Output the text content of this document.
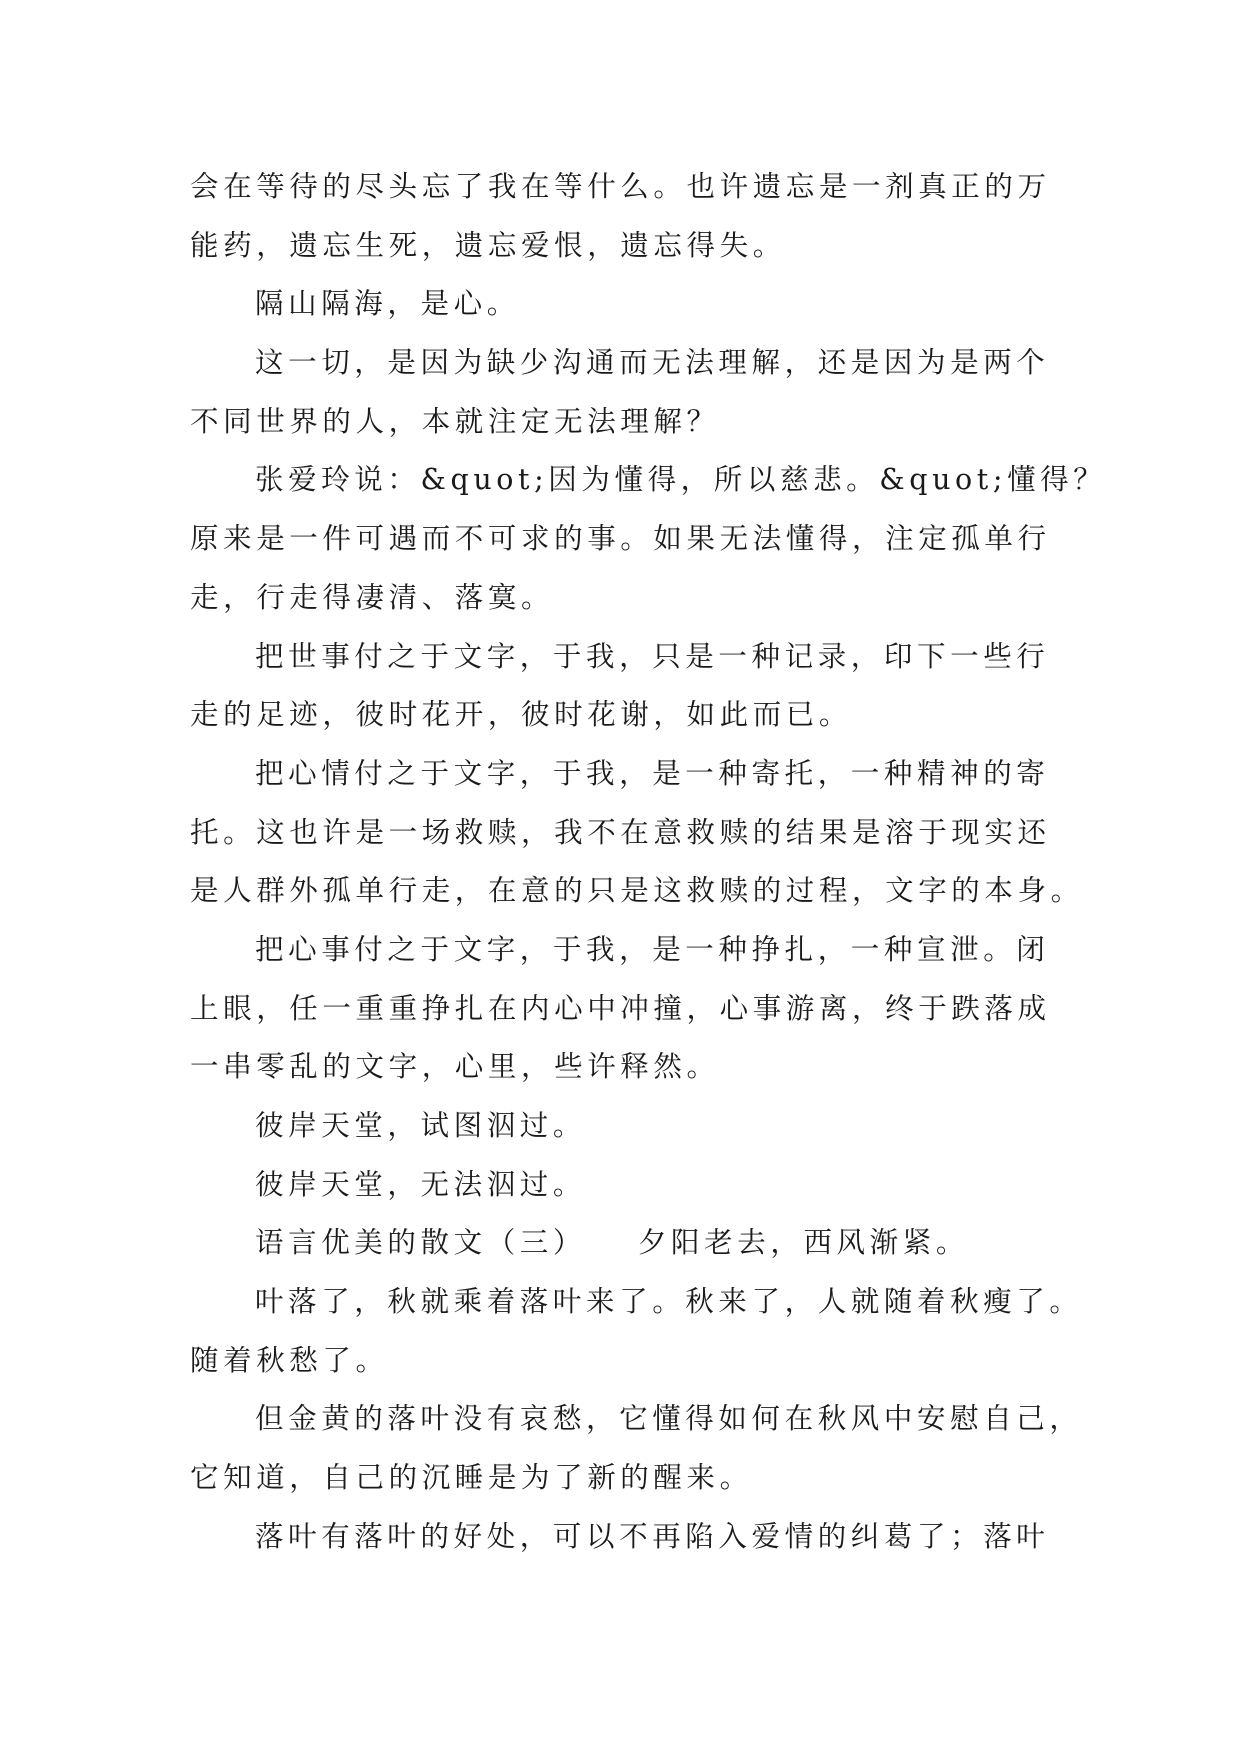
会在等待的尽头忘了我在等什么。也许遗忘是一剂真正的万
能药，遗忘生死，遗忘爱恨，遗忘得失。
隔山隔海，是心。
这一切，是因为缺少沟通而无法理解，还是因为是两个
不同世界的人，本就注定无法理解？
张爱玲说：&quot;因为懂得，所以慈悲。&quot;懂得？
原来是一件可遇而不可求的事。如果无法懂得，注定孤单行
走，行走得凄清、落寞。
把世事付之于文字，于我，只是一种记录，印下一些行
走的足迹，彼时花开，彼时花谢，如此而已。
把心情付之于文字，于我，是一种寄托，一种精神的寄
托。这也许是一场救赎，我不在意救赎的结果是溶于现实还
是人群外孤单行走，在意的只是这救赎的过程，文字的本身。
把心事付之于文字，于我，是一种挣扎，一种宣泄。闭
上眼，任一重重挣扎在内心中冲撞，心事游离，终于跌落成
一串零乱的文字，心里，些许释然。
彼岸天堂，试图泅过。
彼岸天堂，无法泅过。
语言优美的散文（三）　　夕阳老去，西风渐紧。
叶落了，秋就乘着落叶来了。秋来了，人就随着秋瘦了。
随着秋愁了。
但金黄的落叶没有哀愁，它懂得如何在秋风中安慰自己，
它知道，自己的沉睡是为了新的醒来。
落叶有落叶的好处，可以不再陷入爱情的纠葛了；落叶
